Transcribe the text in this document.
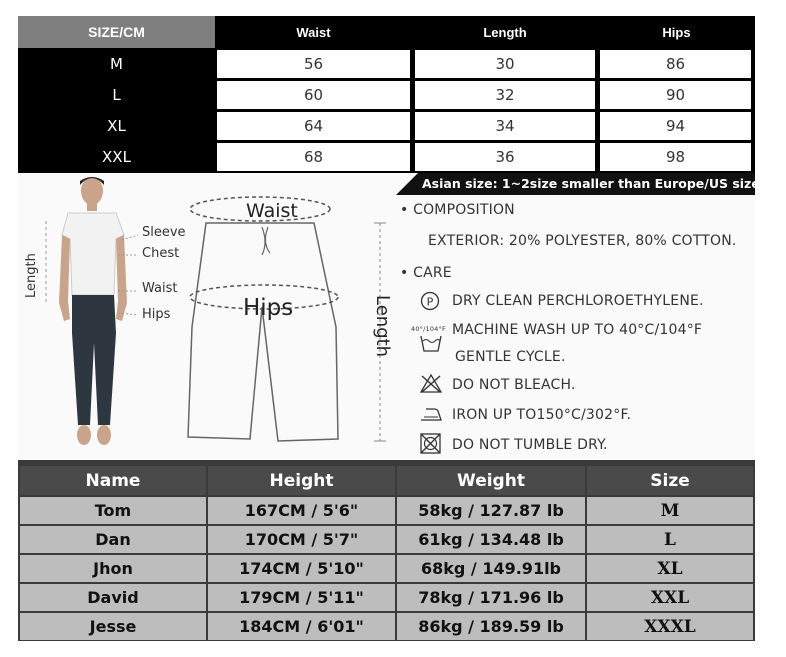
SIZE/CM	Waist	Length	Hips
M	56	30	86
L	60	32	90
XL	64	34	94
XXL	68	36	98
Asian size: 1~2size smaller than Europe/US size.
Length
Sleeve
Chest
Waist
Hips
Waist
Hips	Length
• COMPOSITION
EXTERIOR: 20% POLYESTER, 80% COTTON.
• CARE
P DRY CLEAN PERCHLOROETHYLENE.
40°/104°F MACHINE WASH UP TO 40°C/104°F
GENTLE CYCLE.
DO NOT BLEACH.
IRON UP TO150°C/302°F.
DO NOT TUMBLE DRY.
Name	Height	Weight	Size
Tom	167CM / 5'6"	58kg / 127.87 lb	M
Dan	170CM / 5'7"	61kg / 134.48 lb	L
Jhon	174CM / 5'10"	68kg / 149.91lb	XL
David	179CM / 5'11"	78kg / 171.96 lb	XXL
Jesse	184CM / 6'01"	86kg / 189.59 lb	XXXL
